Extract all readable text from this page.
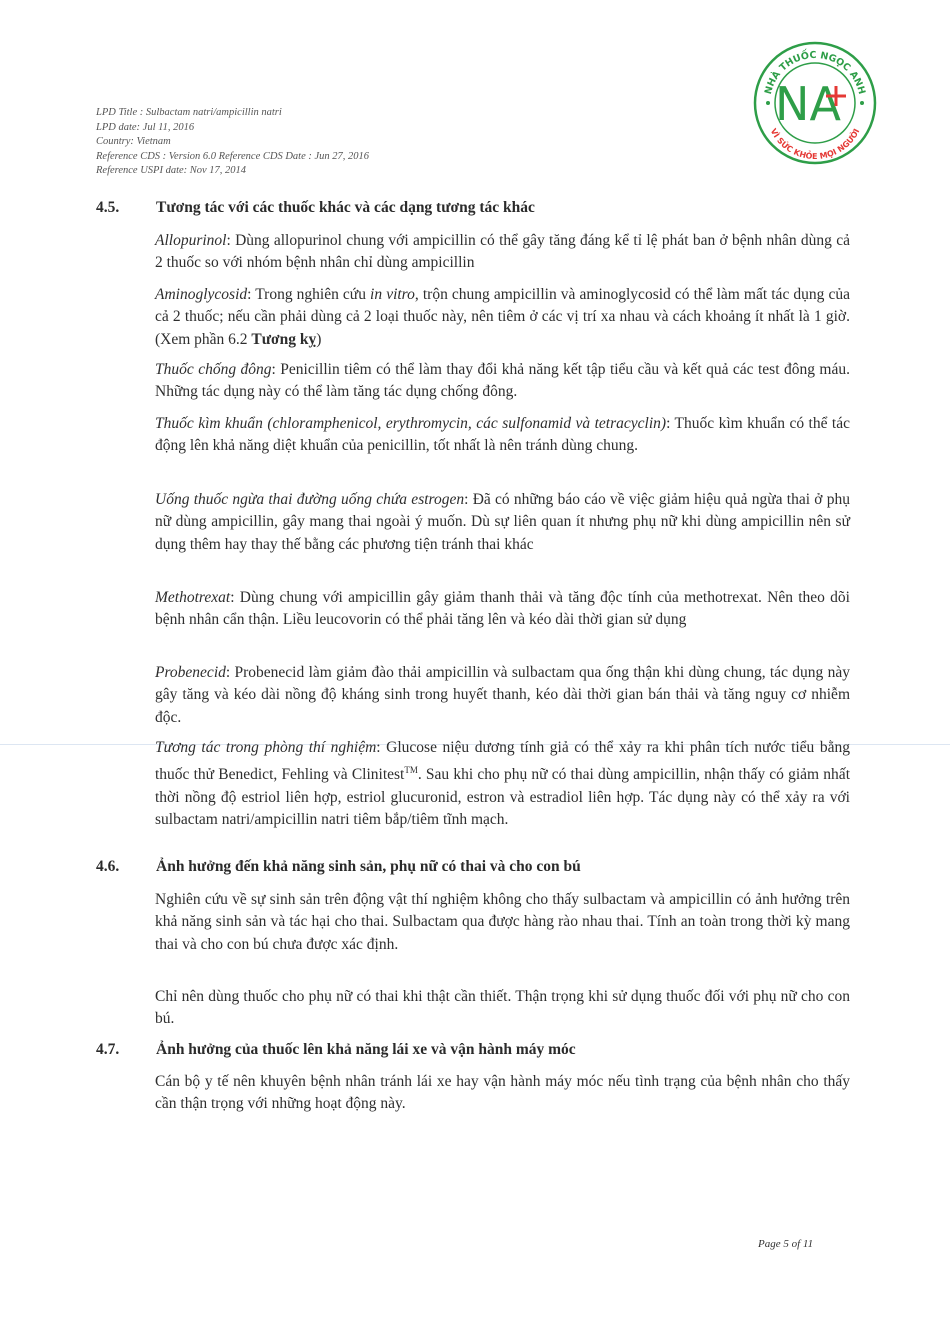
LPD Title : Sulbactam natri/ampicillin natri
LPD date: Jul 11, 2016
Country: Vietnam
Reference CDS : Version 6.0 Reference CDS Date : Jun 27, 2016
Reference USPI date: Nov 17, 2014
NHÀ THUỐC NGỌC ANH
VÌ SỨC KHỎE MỌI NGƯỜI
NA
4.5. Tương tác với các thuốc khác và các dạng tương tác khác
Allopurinol: Dùng allopurinol chung với ampicillin có thể gây tăng đáng kể tỉ lệ phát ban ở bệnh nhân dùng cả 2 thuốc so với nhóm bệnh nhân chỉ dùng ampicillin
Aminoglycosid: Trong nghiên cứu in vitro, trộn chung ampicillin và aminoglycosid có thể làm mất tác dụng của cả 2 thuốc; nếu cần phải dùng cả 2 loại thuốc này, nên tiêm ở các vị trí xa nhau và cách khoảng ít nhất là 1 giờ. (Xem phần 6.2 Tương kỵ)
Thuốc chống đông: Penicillin tiêm có thể làm thay đổi khả năng kết tập tiểu cầu và kết quả các test đông máu. Những tác dụng này có thể làm tăng tác dụng chống đông.
Thuốc kìm khuẩn (chloramphenicol, erythromycin, các sulfonamid và tetracyclin): Thuốc kìm khuẩn có thể tác động lên khả năng diệt khuẩn của penicillin, tốt nhất là nên tránh dùng chung.
Uống thuốc ngừa thai đường uống chứa estrogen: Đã có những báo cáo về việc giảm hiệu quả ngừa thai ở phụ nữ dùng ampicillin, gây mang thai ngoài ý muốn. Dù sự liên quan ít nhưng phụ nữ khi dùng ampicillin nên sử dụng thêm hay thay thế bằng các phương tiện tránh thai khác
Methotrexat: Dùng chung với ampicillin gây giảm thanh thải và tăng độc tính của methotrexat. Nên theo dõi bệnh nhân cẩn thận. Liều leucovorin có thể phải tăng lên và kéo dài thời gian sử dụng
Probenecid: Probenecid làm giảm đào thải ampicillin và sulbactam qua ống thận khi dùng chung, tác dụng này gây tăng và kéo dài nồng độ kháng sinh trong huyết thanh, kéo dài thời gian bán thải và tăng nguy cơ nhiễm độc.
Tương tác trong phòng thí nghiệm: Glucose niệu dương tính giả có thể xảy ra khi phân tích nước tiểu bằng thuốc thử Benedict, Fehling và Clinitest™. Sau khi cho phụ nữ có thai dùng ampicillin, nhận thấy có giảm nhất thời nồng độ estriol liên hợp, estriol glucuronid, estron và estradiol liên hợp. Tác dụng này có thể xảy ra với sulbactam natri/ampicillin natri tiêm bắp/tiêm tĩnh mạch.
4.6. Ảnh hưởng đến khả năng sinh sản, phụ nữ có thai và cho con bú
Nghiên cứu về sự sinh sản trên động vật thí nghiệm không cho thấy sulbactam và ampicillin có ảnh hưởng trên khả năng sinh sản và tác hại cho thai. Sulbactam qua được hàng rào nhau thai. Tính an toàn trong thời kỳ mang thai và cho con bú chưa được xác định.
Chỉ nên dùng thuốc cho phụ nữ có thai khi thật cần thiết. Thận trọng khi sử dụng thuốc đối với phụ nữ cho con bú.
4.7. Ảnh hưởng của thuốc lên khả năng lái xe và vận hành máy móc
Cán bộ y tế nên khuyên bệnh nhân tránh lái xe hay vận hành máy móc nếu tình trạng của bệnh nhân cho thấy cần thận trọng với những hoạt động này.
Page 5 of 11
